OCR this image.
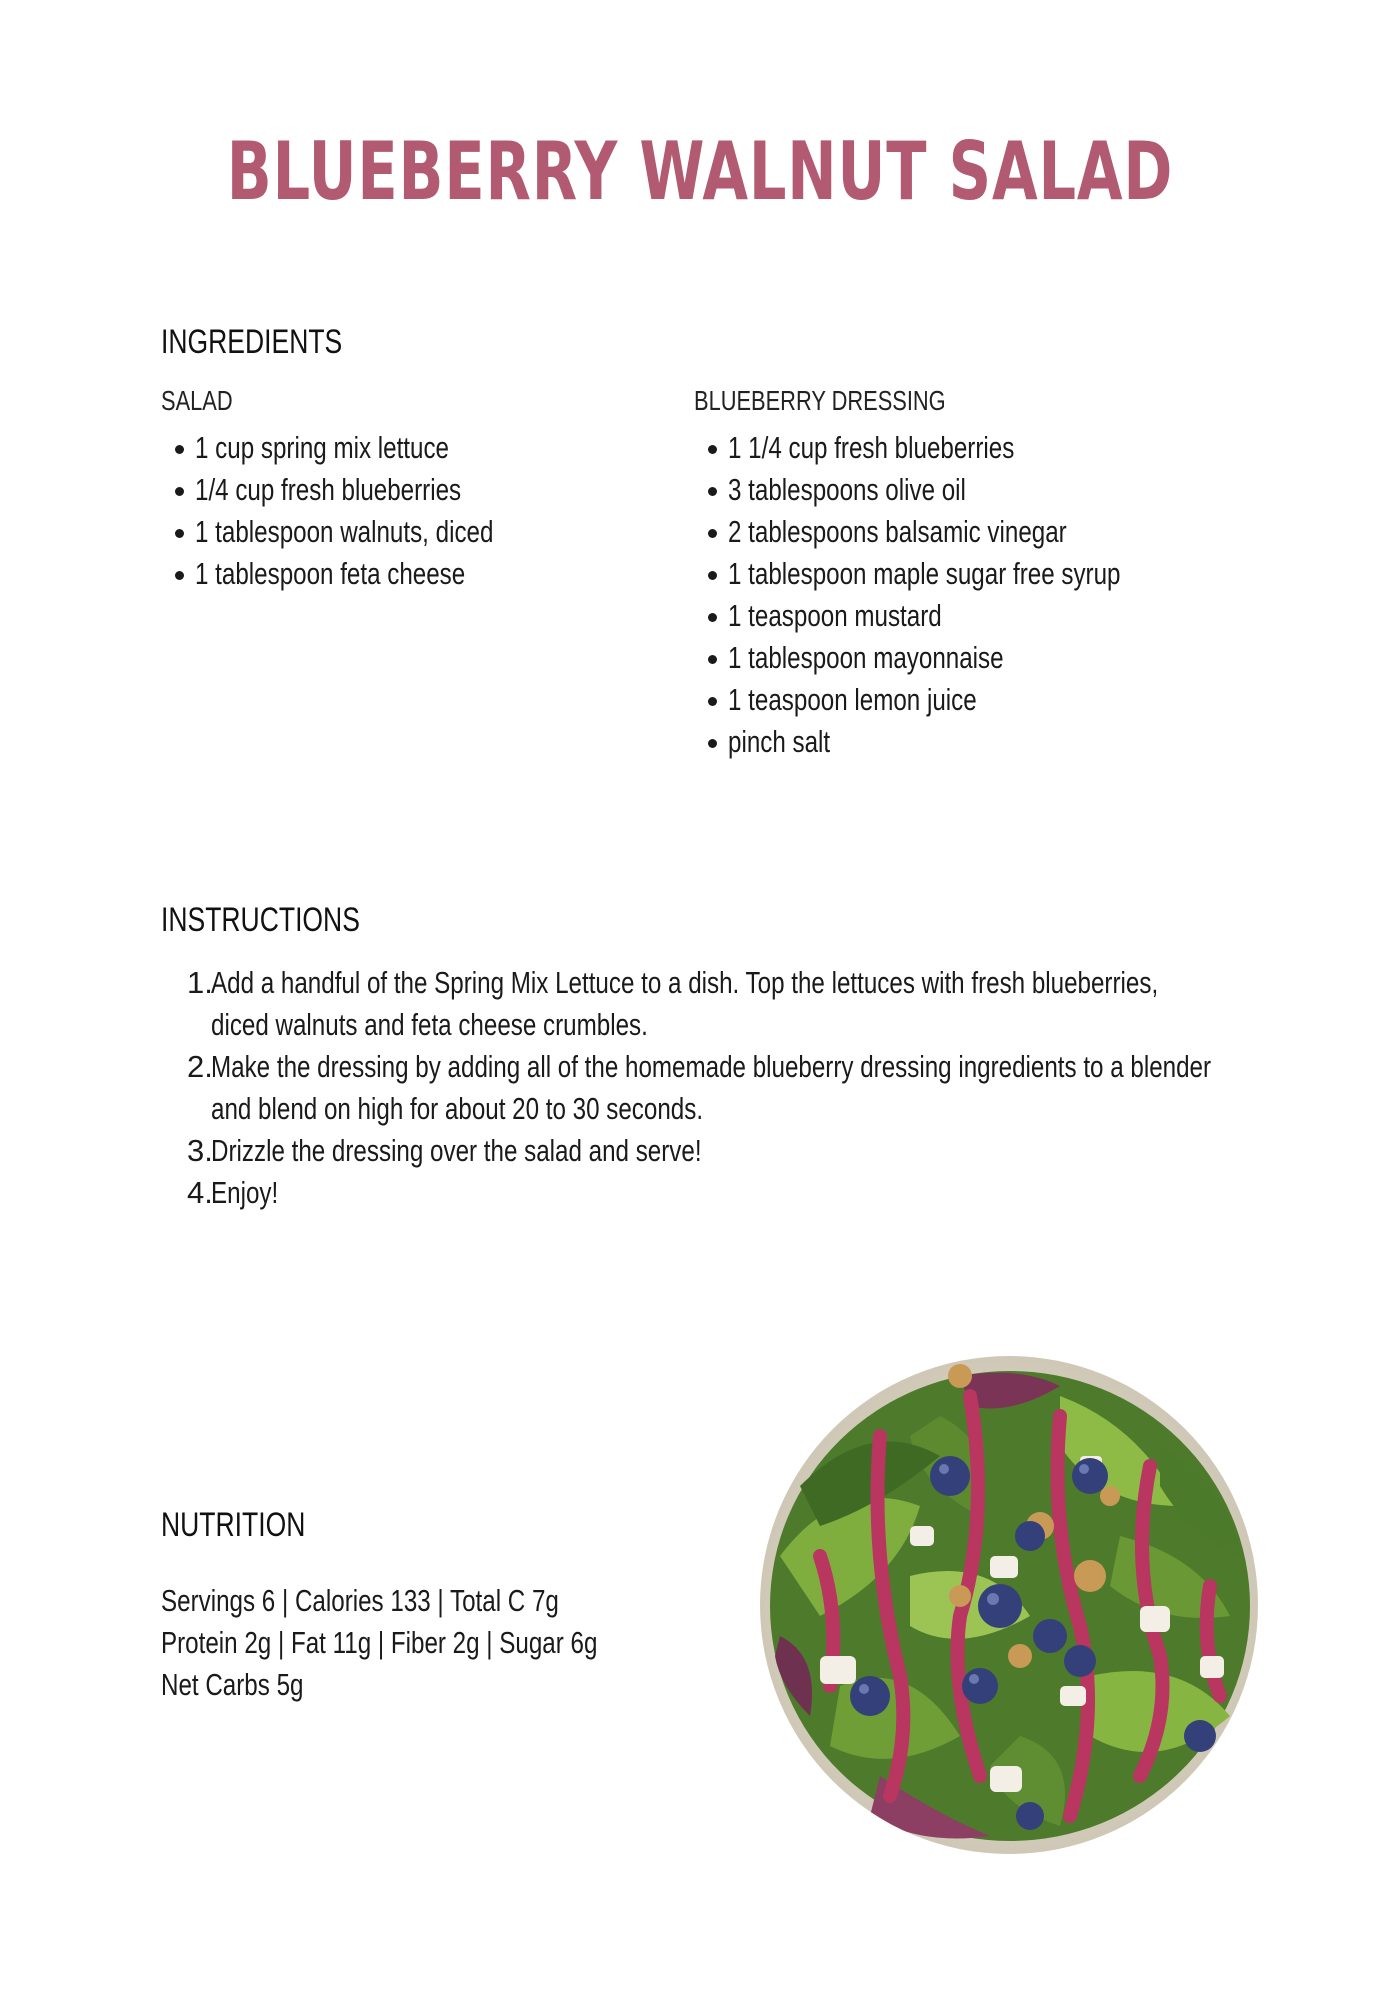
BLUEBERRY WALNUT SALAD
INGREDIENTS
SALAD
1 cup spring mix lettuce
1/4 cup fresh blueberries
1 tablespoon walnuts, diced
1 tablespoon feta cheese
BLUEBERRY DRESSING
1 1/4 cup fresh blueberries
3 tablespoons olive oil
2 tablespoons balsamic vinegar
1 tablespoon maple sugar free syrup
1 teaspoon mustard
1 tablespoon mayonnaise
1 teaspoon lemon juice
pinch salt
INSTRUCTIONS
1.
Add a handful of the Spring Mix Lettuce to a dish. Top the lettuces with fresh blueberries,
diced walnuts and feta cheese crumbles.
2.
Make the dressing by adding all of the homemade blueberry dressing ingredients to a blender
and blend on high for about 20 to 30 seconds.
3.
Drizzle the dressing over the salad and serve!
4.
Enjoy!
NUTRITION
Servings 6 | Calories 133 | Total C 7g
Protein 2g | Fat 11g | Fiber 2g | Sugar 6g
Net Carbs 5g
